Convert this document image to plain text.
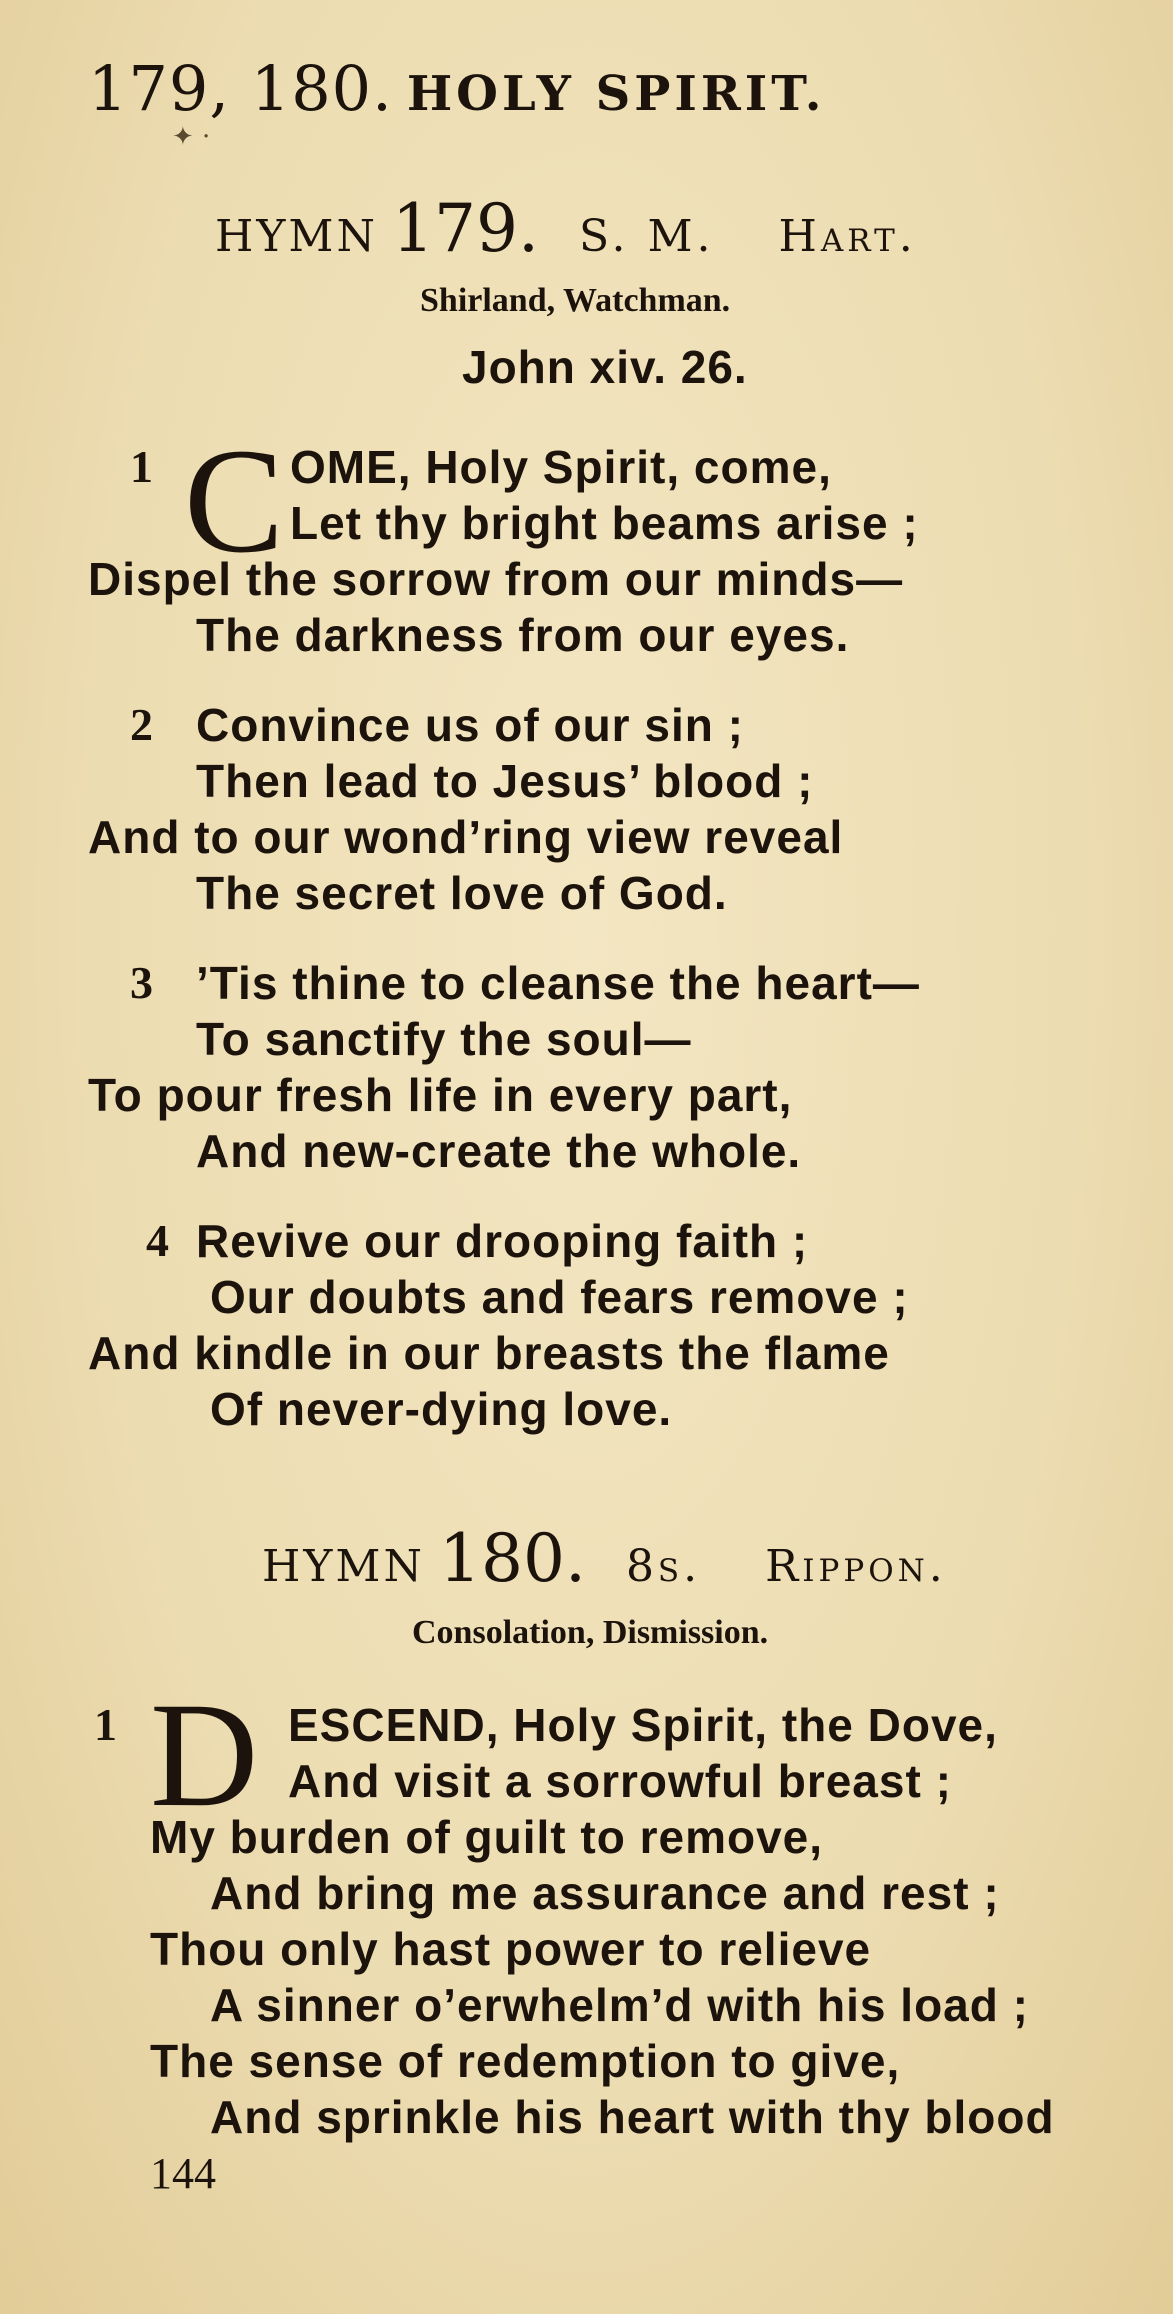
179, 180. HOLY SPIRIT.
✦ ·
HYMN 179. S. M. Hart.
Shirland, Watchman.
John xiv. 26.
1 C OME, Holy Spirit, come,
Let thy bright beams arise ;
Dispel the sorrow from our minds—
The darkness from our eyes.
2 Convince us of our sin ;
Then lead to Jesus’ blood ;
And to our wond’ring view reveal
The secret love of God.
3 ’Tis thine to cleanse the heart—
To sanctify the soul—
To pour fresh life in every part,
And new-create the whole.
4 Revive our drooping faith ;
Our doubts and fears remove ;
And kindle in our breasts the flame
Of never-dying love.
HYMN 180. 8s. Rippon.
Consolation, Dismission.
1 D ESCEND, Holy Spirit, the Dove,
And visit a sorrowful breast ;
My burden of guilt to remove,
And bring me assurance and rest ;
Thou only hast power to relieve
A sinner o’erwhelm’d with his load ;
The sense of redemption to give,
And sprinkle his heart with thy blood
144
